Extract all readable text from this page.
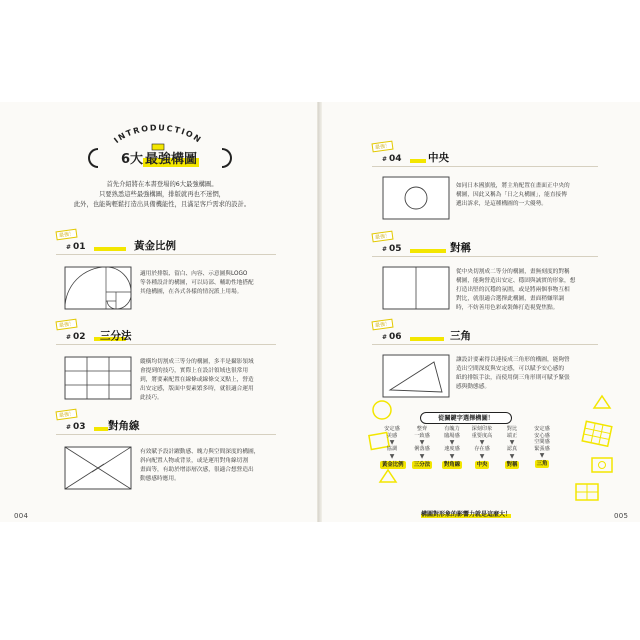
INTRODUCTION
6大 最強構圖
首先介紹將在本書登場的6大最強構圖。
只要熟悉這些最強構圖，排版就再也不迷惘，
此外，也能夠輕鬆打造出具備機能性，且滿足客戶需求的設計。
最強！
# 01	黃金比例
適用於排版、留白、內容、示意圖與LOGO
等各種設計的構圖，可以局部、輔助性地搭配
其他構圖，在各式各樣的情況派上用場。
最強！
# 02 三分法
縱橫均切割成三等分的構圖，多半是攝影領域
會提到的技巧，實際上在設計領域也很常用
到，將要素配置在線條或線條交叉點上，營造
出安定感，版面中要素繁多時，就很適合運用
此技巧。
最強！
# 03 對角線
有效賦予設計躍動感、魄力與空間深度的構圖，
斜向配置人物或背景，或是運用對角線切割
畫面等，有助於增添層次感，很適合想營造出
動態感時應用。
004
最強！
# 04	中央
如同日本國旗般，將主角配置在畫面正中央的
構圖，因此又稱為「日之丸構圖」，能直接傳
遞出訴求，是這種構圖的一大優勢。
最強！
# 05	對稱
從中央切割成二等分的構圖，畫無刻度的對稱
構圖，能夠營造出安定、穩固與誠實的形象，想
打造出堅的沉穩的氛圍，或是將兩個事物互相
對比，就很適合選擇此構圖，畫面稍嫌單調
時，不妨善用色彩或裝飾打造視覺焦點。
最強！
# 06	三角
讓設計要素得以連接成三角形的構圖，能夠營
造出空間深度與安定感，可以賦予安心感的
紙的排版手法，而使用倒三角形則可賦予緊張
感與動態感。
005
從關鍵字選擇構圖！
安定感
美感
▼
協調
▼
黃金比例
整齊
一致感
▼
俐落感
▼
三分法
有魄力
臨場感
▼
速度感
▼
對角線
深刻印象
重要度高
▼
存在感
▼
中央
對比
端正
▼
認真
▼
對稱
安定感
安心感
空間感
緊張感
▼
三角
構圖對形象的影響力就是這麼大！
